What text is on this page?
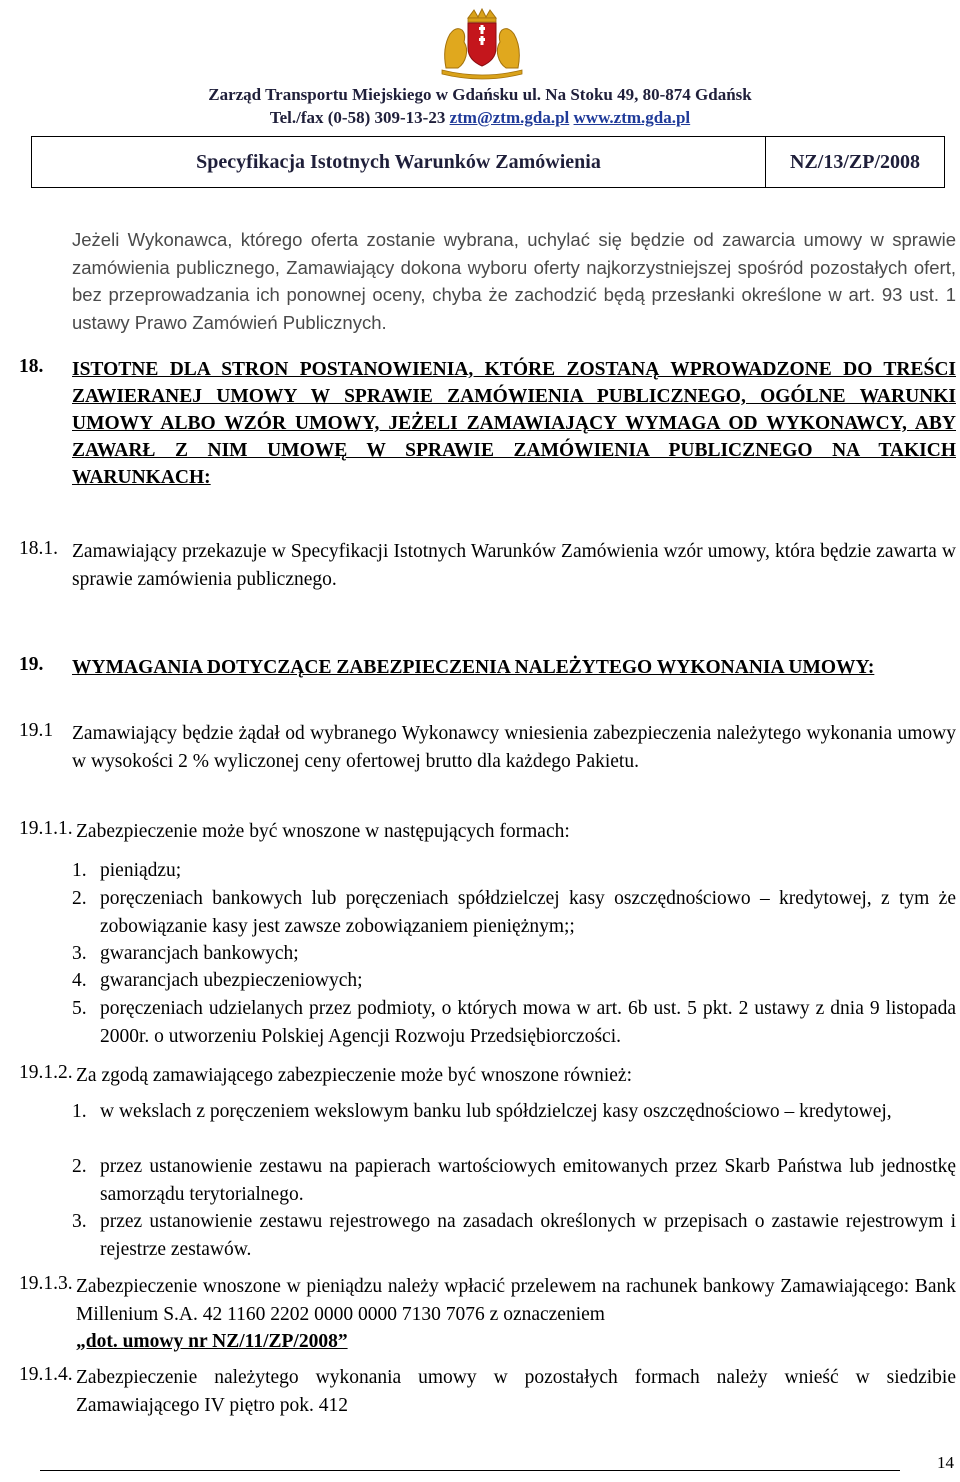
Zarząd Transportu Miejskiego w Gdańsku ul. Na Stoku 49, 80-874 Gdańsk
Tel./fax (0-58) 309-13-23 ztm@ztm.gda.pl www.ztm.gda.pl
Specyfikacja Istotnych Warunków Zamówienia	NZ/13/ZP/2008
Jeżeli Wykonawca, którego oferta zostanie wybrana, uchylać się będzie od zawarcia umowy w sprawie zamówienia publicznego, Zamawiający dokona wyboru oferty najkorzystniejszej spośród pozostałych ofert, bez przeprowadzania ich ponownej oceny, chyba że zachodzić będą przesłanki określone w art. 93 ust. 1 ustawy Prawo Zamówień Publicznych.
18. ISTOTNE DLA STRON POSTANOWIENIA, KTÓRE ZOSTANĄ WPROWADZONE DO TREŚCI ZAWIERANEJ UMOWY W SPRAWIE ZAMÓWIENIA PUBLICZNEGO, OGÓLNE WARUNKI UMOWY ALBO WZÓR UMOWY, JEŻELI ZAMAWIAJĄCY WYMAGA OD WYKONAWCY, ABY ZAWARŁ Z NIM UMOWĘ W SPRAWIE ZAMÓWIENIA PUBLICZNEGO NA TAKICH WARUNKACH:
18.1. Zamawiający przekazuje w Specyfikacji Istotnych Warunków Zamówienia wzór umowy, która będzie zawarta w sprawie zamówienia publicznego.
19. WYMAGANIA DOTYCZĄCE ZABEZPIECZENIA NALEŻYTEGO WYKONANIA UMOWY:
19.1 Zamawiający będzie żądał od wybranego Wykonawcy wniesienia zabezpieczenia należytego wykonania umowy w wysokości 2 % wyliczonej ceny ofertowej brutto dla każdego Pakietu.
19.1.1. Zabezpieczenie może być wnoszone w następujących formach:
1. pieniądzu;
2. poręczeniach bankowych lub poręczeniach spółdzielczej kasy oszczędnościowo – kredytowej, z tym że zobowiązanie kasy jest zawsze zobowiązaniem pieniężnym;;
3. gwarancjach bankowych;
4. gwarancjach ubezpieczeniowych;
5. poręczeniach udzielanych przez podmioty, o których mowa w art. 6b ust. 5 pkt. 2 ustawy z dnia 9 listopada 2000r. o utworzeniu Polskiej Agencji Rozwoju Przedsiębiorczości.
19.1.2. Za zgodą zamawiającego zabezpieczenie może być wnoszone również:
1. w wekslach z poręczeniem wekslowym banku lub spółdzielczej kasy oszczędnościowo – kredytowej,
2. przez ustanowienie zestawu na papierach wartościowych emitowanych przez Skarb Państwa lub jednostkę samorządu terytorialnego.
3. przez ustanowienie zestawu rejestrowego na zasadach określonych w przepisach o zastawie rejestrowym i rejestrze zestawów.
19.1.3. Zabezpieczenie wnoszone w pieniądzu należy wpłacić przelewem na rachunek bankowy Zamawiającego: Bank Millenium S.A. 42 1160 2202 0000 0000 7130 7076 z oznaczeniem
„dot. umowy nr NZ/11/ZP/2008”
19.1.4. Zabezpieczenie należytego wykonania umowy w pozostałych formach należy wnieść w siedzibie Zamawiającego IV piętro pok. 412
14
